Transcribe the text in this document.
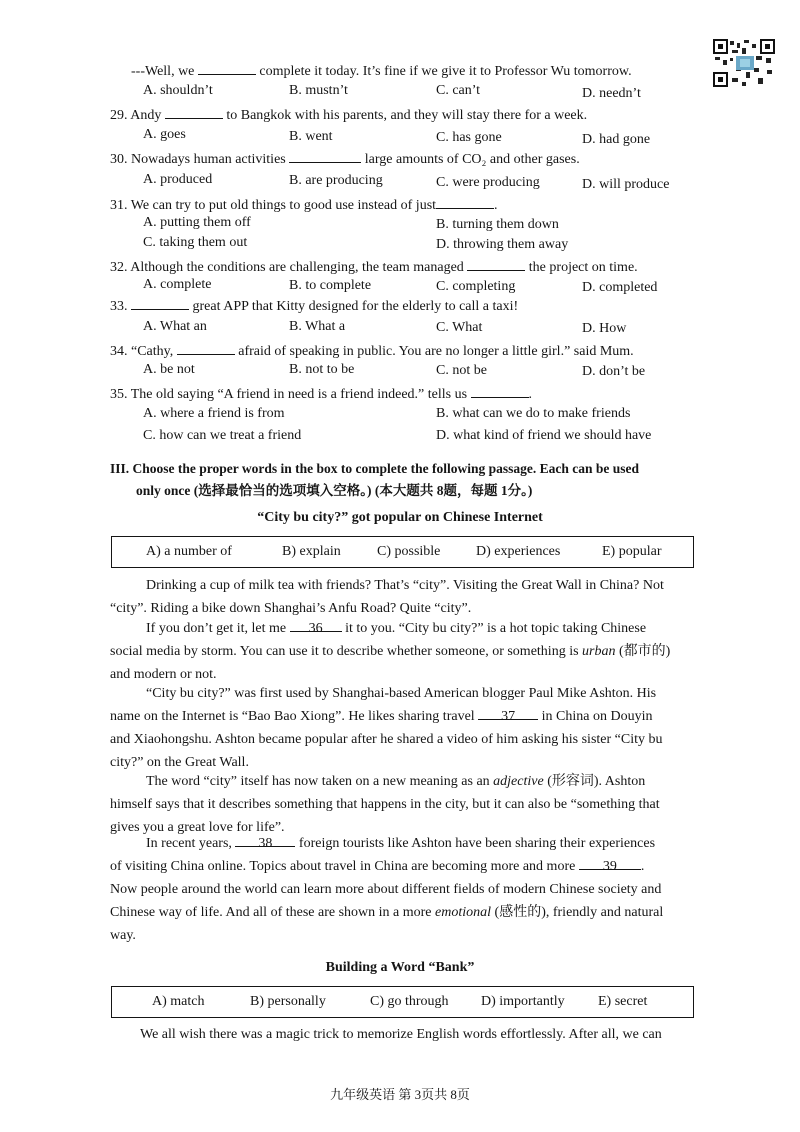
---Well, we	complete it today. It’s fine if we give it to Professor Wu tomorrow.
A. shouldn’t	B. mustn’t	C. can’t	D. needn’t
29. Andy	to Bangkok with his parents, and they will stay there for a week.
A. goes	B. went	C. has gone	D. had gone
30. Nowadays human activities	large amounts of CO₂ and other gases.
A. produced	B. are producing	C. were producing	D. will produce
31. We can try to put old things to good use instead of just	.
A. putting them off	B. turning them down
C. taking them out	D. throwing them away
32. Although the conditions are challenging, the team managed	the project on time.
A. complete	B. to complete	C. completing	D. completed
33.	great APP that Kitty designed for the elderly to call a taxi!
A. What an	B. What a	C. What	D. How
34. “Cathy,	afraid of speaking in public. You are no longer a little girl.” said Mum.
A. be not	B. not to be	C. not be	D. don’t be
35. The old saying “A friend in need is a friend indeed.” tells us	.
A. where a friend is from	B. what can we do to make friends
C. how can we treat a friend	D. what kind of friend we should have
III. Choose the proper words in the box to complete the following passage. Each can be used
only once (选择最恰当的选项填入空格。) (本大题共 8题，每题 1分。)
“City bu city?” got popular on Chinese Internet
A) a number of	B) explain	C) possible	D) experiences	E) popular
Drinking a cup of milk tea with friends? That’s “city”. Visiting the Great Wall in China? Not
“city”. Riding a bike down Shanghai’s Anfu Road? Quite “city”.
If you don’t get it, let me 36 it to you. “City bu city?” is a hot topic taking Chinese
social media by storm. You can use it to describe whether someone, or something is urban (都市的)
and modern or not.
“City bu city?” was first used by Shanghai-based American blogger Paul Mike Ashton. His
name on the Internet is “Bao Bao Xiong”. He likes sharing travel 37 in China on Douyin
and Xiaohongshu. Ashton became popular after he shared a video of him asking his sister “City bu
city?” on the Great Wall.
The word “city” itself has now taken on a new meaning as an adjective (形容词). Ashton
himself says that it describes something that happens in the city, but it can also be “something that
gives you a great love for life”.
In recent years, 38 foreign tourists like Ashton have been sharing their experiences
of visiting China online. Topics about travel in China are becoming more and more 39 .
Now people around the world can learn more about different fields of modern Chinese society and
Chinese way of life. And all of these are shown in a more emotional (感性的), friendly and natural
way.
Building a Word “Bank”
A) match	B) personally	C) go through D) importantly E) secret
We all wish there was a magic trick to memorize English words effortlessly. After all, we can
九年级英语 第 3页共 8页
